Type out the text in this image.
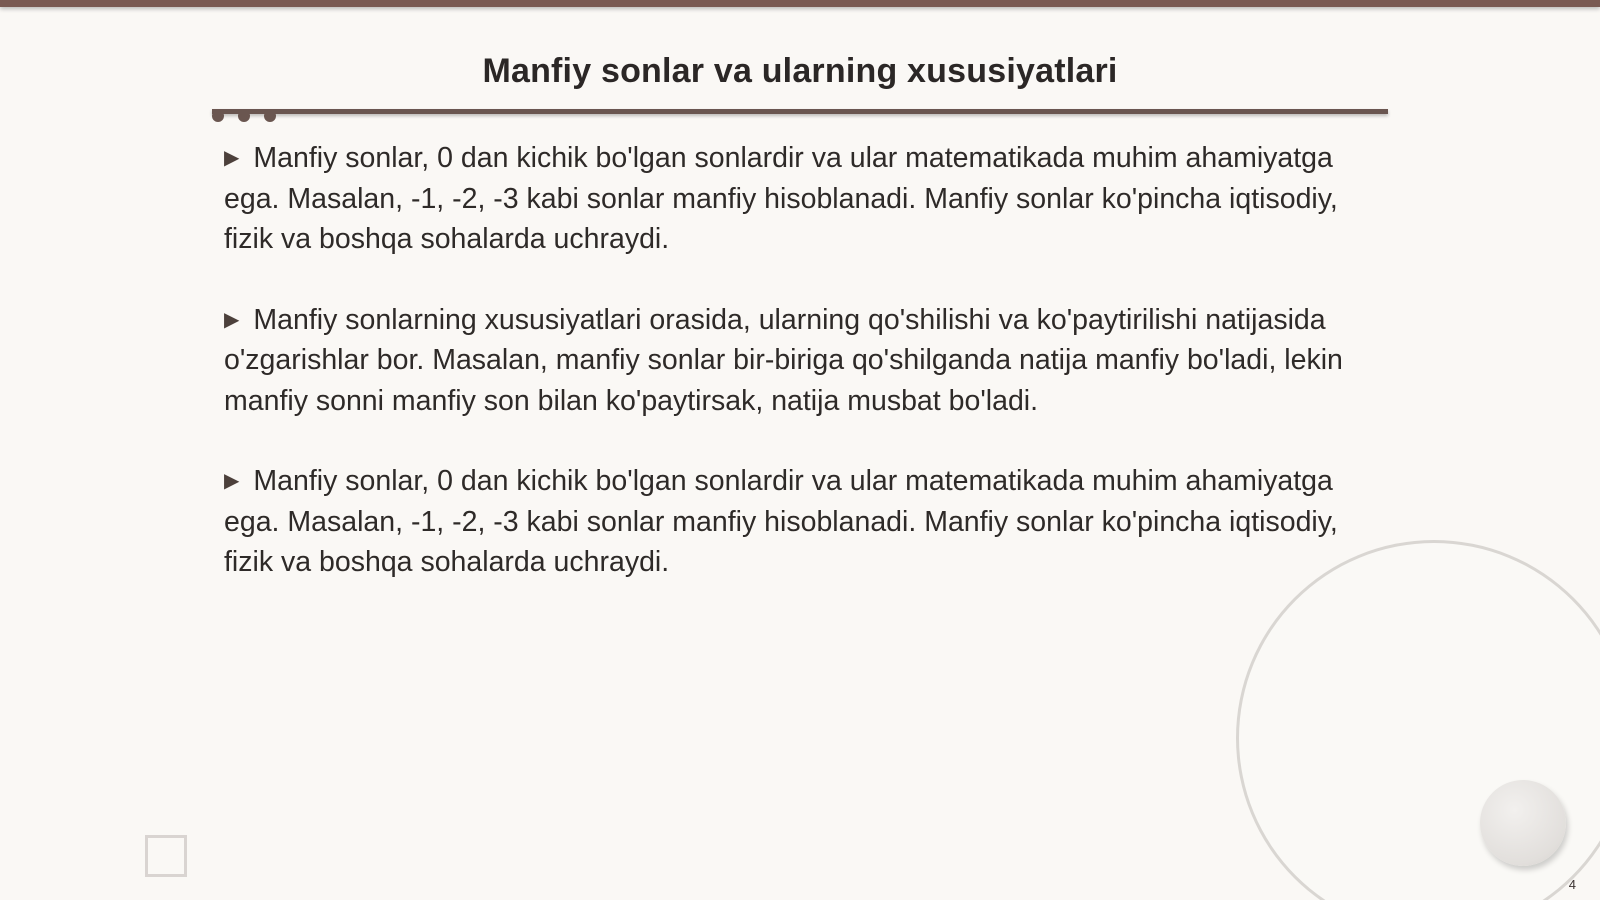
Manfiy sonlar va ularning xususiyatlari

▶ Manfiy sonlar, 0 dan kichik bo'lgan sonlardir va ular matematikada muhim ahamiyatga ega. Masalan, -1, -2, -3 kabi sonlar manfiy hisoblanadi. Manfiy sonlar ko'pincha iqtisodiy, fizik va boshqa sohalarda uchraydi.

▶ Manfiy sonlarning xususiyatlari orasida, ularning qo'shilishi va ko'paytirilishi natijasida o'zgarishlar bor. Masalan, manfiy sonlar bir-biriga qo'shilganda natija manfiy bo'ladi, lekin manfiy sonni manfiy son bilan ko'paytirsak, natija musbat bo'ladi.

▶ Manfiy sonlar, 0 dan kichik bo'lgan sonlardir va ular matematikada muhim ahamiyatga ega. Masalan, -1, -2, -3 kabi sonlar manfiy hisoblanadi. Manfiy sonlar ko'pincha iqtisodiy, fizik va boshqa sohalarda uchraydi.

4
